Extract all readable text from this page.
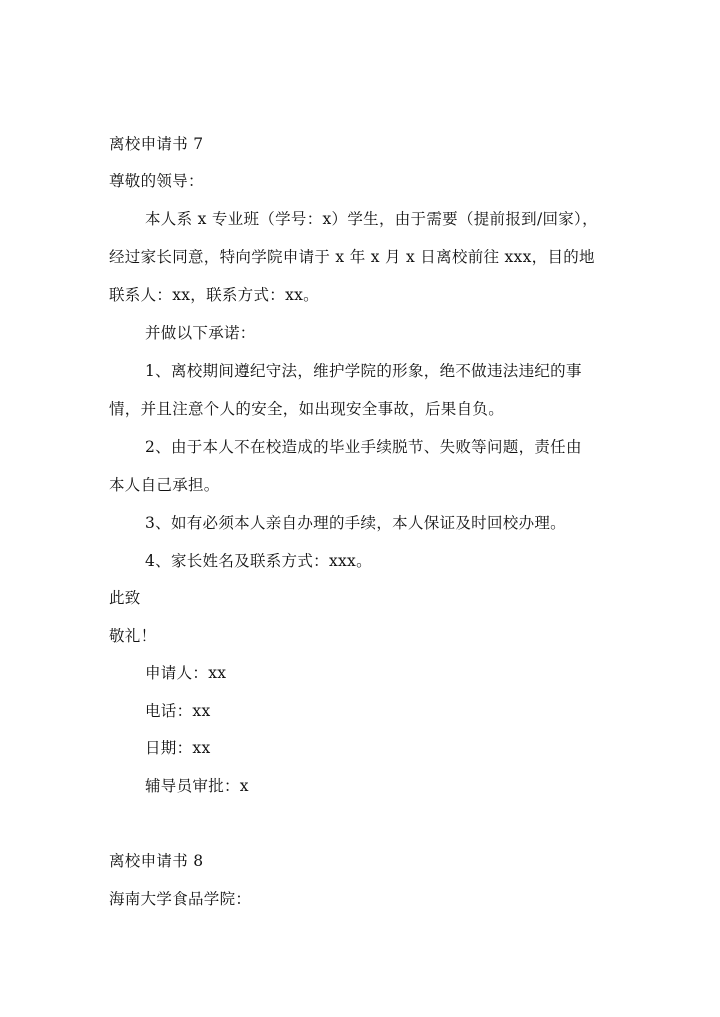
离校申请书 7
尊敬的领导：
本人系 x 专业班（学号：x）学生，由于需要（提前报到/回家），
经过家长同意，特向学院申请于 x 年 x 月 x 日离校前往 xxx，目的地
联系人：xx，联系方式：xx。
并做以下承诺：
1、离校期间遵纪守法，维护学院的形象，绝不做违法违纪的事
情，并且注意个人的安全，如出现安全事故，后果自负。
2、由于本人不在校造成的毕业手续脱节、失败等问题，责任由
本人自己承担。
3、如有必须本人亲自办理的手续，本人保证及时回校办理。
4、家长姓名及联系方式：xxx。
此致
敬礼！
申请人：xx
电话：xx
日期：xx
辅导员审批：x
离校申请书 8
海南大学食品学院：
